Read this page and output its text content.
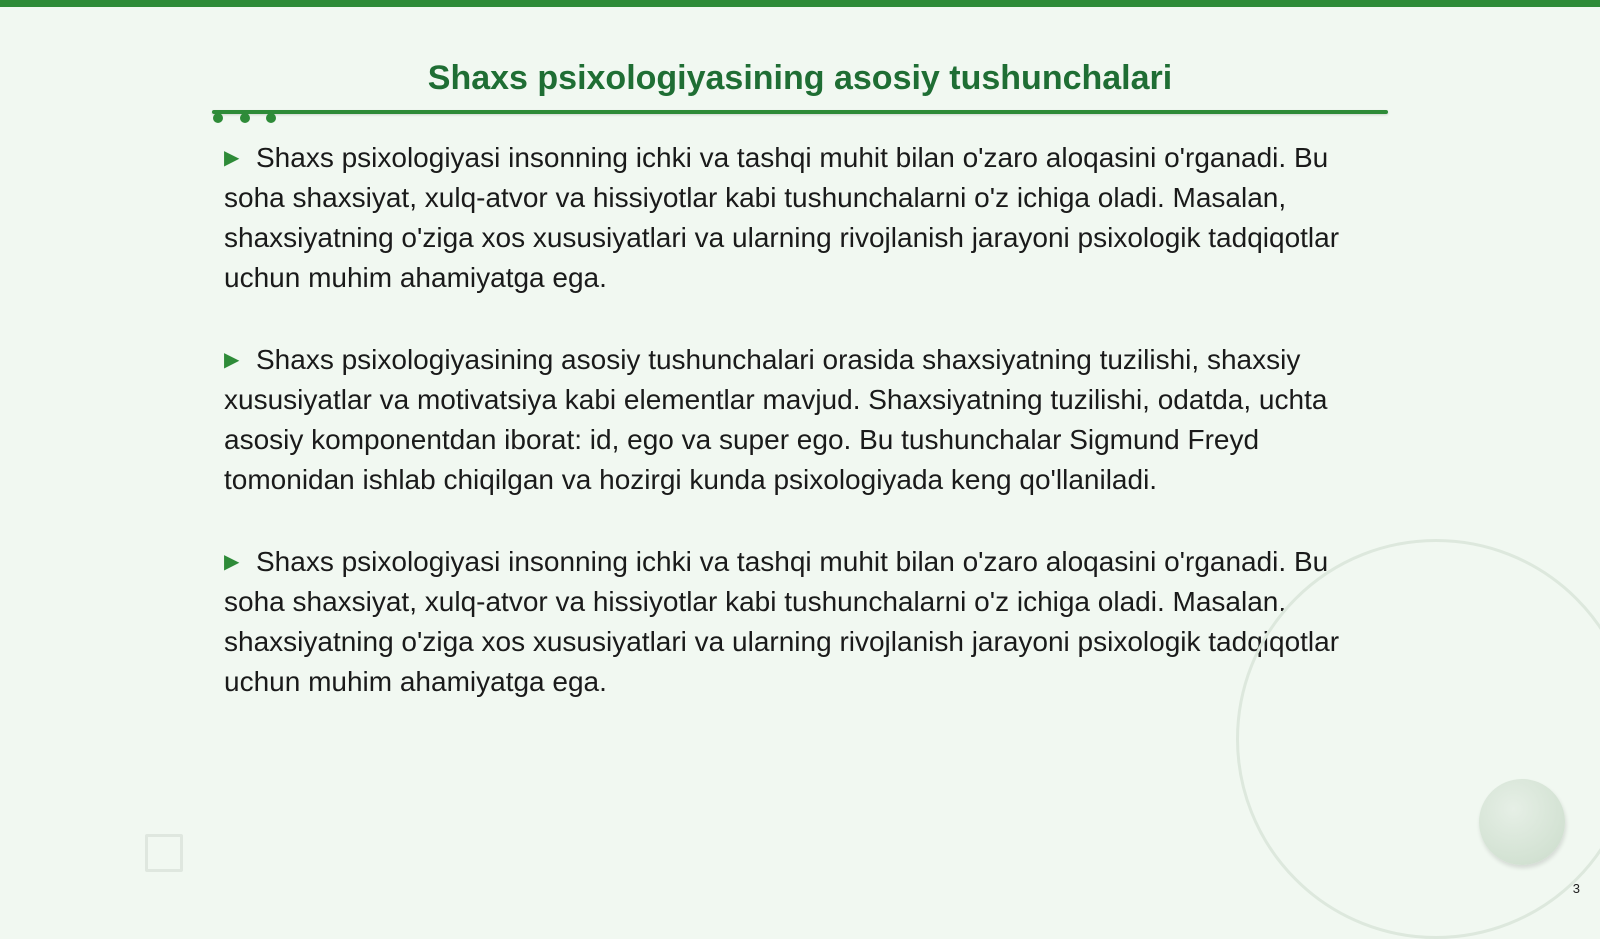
Shaxs psixologiyasining asosiy tushunchalari

▶ Shaxs psixologiyasi insonning ichki va tashqi muhit bilan o'zaro aloqasini o'rganadi. Bu soha shaxsiyat, xulq-atvor va hissiyotlar kabi tushunchalarni o'z ichiga oladi. Masalan, shaxsiyatning o'ziga xos xususiyatlari va ularning rivojlanish jarayoni psixologik tadqiqotlar uchun muhim ahamiyatga ega.

▶ Shaxs psixologiyasining asosiy tushunchalari orasida shaxsiyatning tuzilishi, shaxsiy xususiyatlar va motivatsiya kabi elementlar mavjud. Shaxsiyatning tuzilishi, odatda, uchta asosiy komponentdan iborat: id, ego va super ego. Bu tushunchalar Sigmund Freyd tomonidan ishlab chiqilgan va hozirgi kunda psixologiyada keng qo'llaniladi.

▶ Shaxs psixologiyasi insonning ichki va tashqi muhit bilan o'zaro aloqasini o'rganadi. Bu soha shaxsiyat, xulq-atvor va hissiyotlar kabi tushunchalarni o'z ichiga oladi. Masalan, shaxsiyatning o'ziga xos xususiyatlari va ularning rivojlanish jarayoni psixologik tadqiqotlar uchun muhim ahamiyatga ega.

3
